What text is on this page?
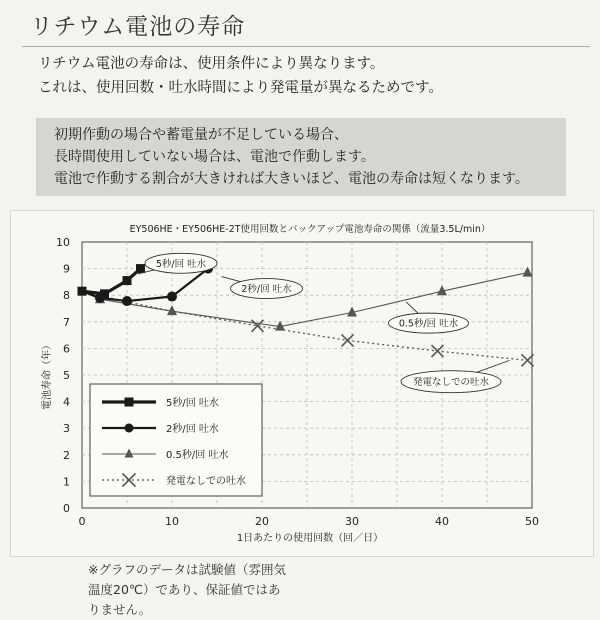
リチウム電池の寿命
リチウム電池の寿命は、使用条件により異なります。
これは、使用回数・吐水時間により発電量が異なるためです。
初期作動の場合や蓄電量が不足している場合、
長時間使用していない場合は、電池で作動します。
電池で作動する割合が大きければ大きいほど、電池の寿命は短くなります。
EY506HE・EY506HE-2T使用回数とバックアップ電池寿命の関係（流量3.5L/min）
0
1
2
3
4
5
6
7
8
9
10
0	10	20	30	40	50
5秒/回 吐水
2秒/回 吐水
0.5秒/回 吐水
発電なしでの吐水
5秒/回 吐水
2秒/回 吐水
0.5秒/回 吐水
発電なしでの吐水
1日あたりの使用回数（回／日）
電池寿命（年）
※グラフのデータは試験値（雰囲気
温度20℃）であり、保証値ではあ
りません。
